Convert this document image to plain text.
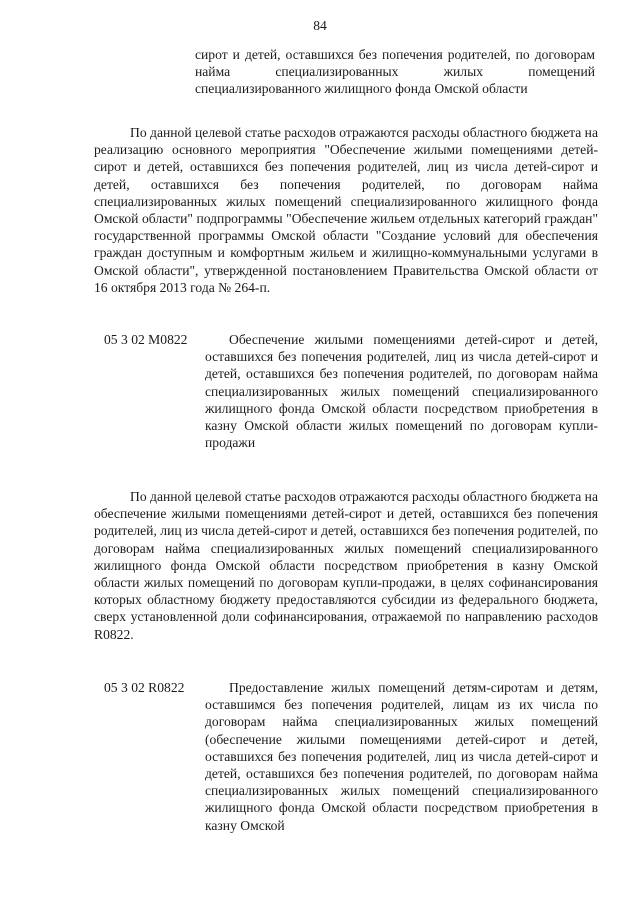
84

сирот и детей, оставшихся без попечения родителей, по договорам найма специализированных жилых помещений специализированного жилищного фонда Омской области

По данной целевой статье расходов отражаются расходы областного бюджета на реализацию основного мероприятия "Обеспечение жилыми помещениями детей-сирот и детей, оставшихся без попечения родителей, лиц из числа детей-сирот и детей, оставшихся без попечения родителей, по договорам найма специализированных жилых помещений специализированного жилищного фонда Омской области" подпрограммы "Обеспечение жильем отдельных категорий граждан" государственной программы Омской области "Создание условий для обеспечения граждан доступным и комфортным жильем и жилищно-коммунальными услугами в Омской области", утвержденной постановлением Правительства Омской области от 16 октября 2013 года № 264-п.

05 3 02 M0822	Обеспечение жилыми помещениями детей-сирот и детей, оставшихся без попечения родителей, лиц из числа детей-сирот и детей, оставшихся без попечения родителей, по договорам найма специализированных жилых помещений специализированного жилищного фонда Омской области посредством приобретения в казну Омской области жилых помещений по договорам купли-продажи

По данной целевой статье расходов отражаются расходы областного бюджета на обеспечение жилыми помещениями детей-сирот и детей, оставшихся без попечения родителей, лиц из числа детей-сирот и детей, оставшихся без попечения родителей, по договорам найма специализированных жилых помещений специализированного жилищного фонда Омской области посредством приобретения в казну Омской области жилых помещений по договорам купли-продажи, в целях софинансирования которых областному бюджету предоставляются субсидии из федерального бюджета, сверх установленной доли софинансирования, отражаемой по направлению расходов R0822.

05 3 02 R0822	Предоставление жилых помещений детям-сиротам и детям, оставшимся без попечения родителей, лицам из их числа по договорам найма специализированных жилых помещений (обеспечение жилыми помещениями детей-сирот и детей, оставшихся без попечения родителей, лиц из числа детей-сирот и детей, оставшихся без попечения родителей, по договорам найма специализированных жилых помещений специализированного жилищного фонда Омской области посредством приобретения в казну Омской
